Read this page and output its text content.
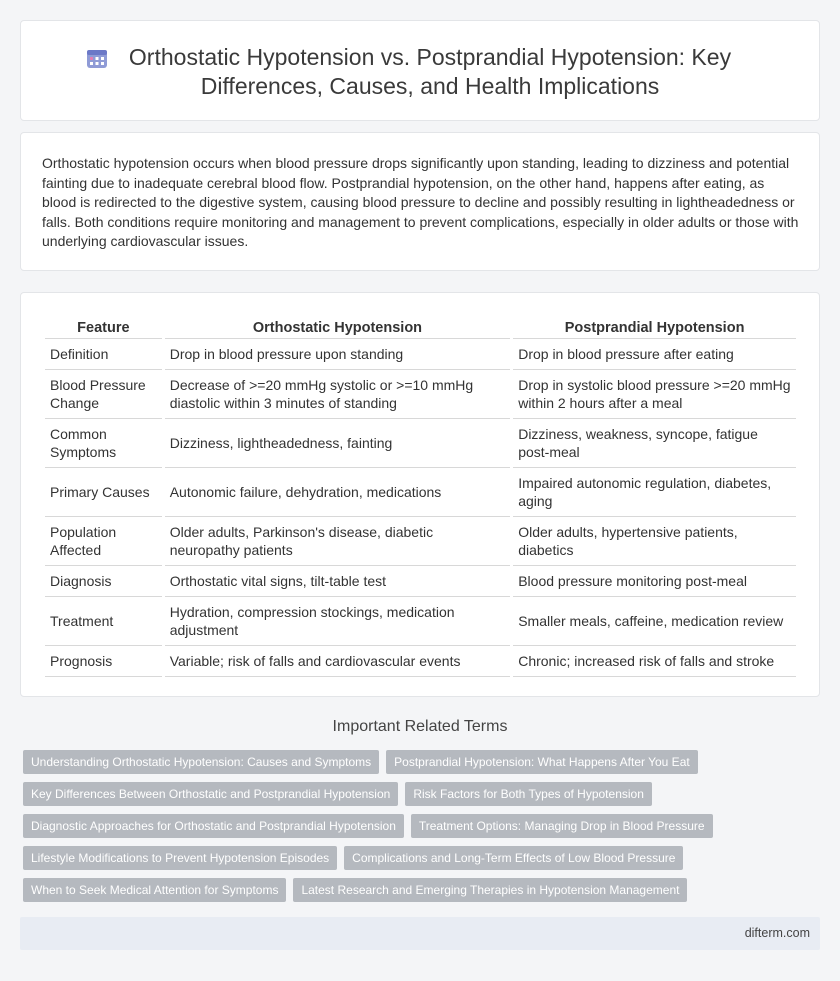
Orthostatic Hypotension vs. Postprandial Hypotension: Key
Differences, Causes, and Health Implications

Orthostatic hypotension occurs when blood pressure drops significantly upon standing, leading to dizziness and potential fainting due to inadequate cerebral blood flow. Postprandial hypotension, on the other hand, happens after eating, as blood is redirected to the digestive system, causing blood pressure to decline and possibly resulting in lightheadedness or falls. Both conditions require monitoring and management to prevent complications, especially in older adults or those with underlying cardiovascular issues.

Feature	Orthostatic Hypotension	Postprandial Hypotension
Definition	Drop in blood pressure upon standing	Drop in blood pressure after eating
Blood Pressure Change	Decrease of >=20 mmHg systolic or >=10 mmHg diastolic within 3 minutes of standing	Drop in systolic blood pressure >=20 mmHg within 2 hours after a meal
Common Symptoms	Dizziness, lightheadedness, fainting	Dizziness, weakness, syncope, fatigue post-meal
Primary Causes	Autonomic failure, dehydration, medications	Impaired autonomic regulation, diabetes, aging
Population Affected	Older adults, Parkinson's disease, diabetic neuropathy patients	Older adults, hypertensive patients, diabetics
Diagnosis	Orthostatic vital signs, tilt-table test	Blood pressure monitoring post-meal
Treatment	Hydration, compression stockings, medication adjustment	Smaller meals, caffeine, medication review
Prognosis	Variable; risk of falls and cardiovascular events	Chronic; increased risk of falls and stroke
Important Related Terms
Understanding Orthostatic Hypotension: Causes and Symptoms	Postprandial Hypotension: What Happens After You Eat
Key Differences Between Orthostatic and Postprandial Hypotension	Risk Factors for Both Types of Hypotension
Diagnostic Approaches for Orthostatic and Postprandial Hypotension	Treatment Options: Managing Drop in Blood Pressure
Lifestyle Modifications to Prevent Hypotension Episodes	Complications and Long-Term Effects of Low Blood Pressure
When to Seek Medical Attention for Symptoms	Latest Research and Emerging Therapies in Hypotension Management
difterm.com
